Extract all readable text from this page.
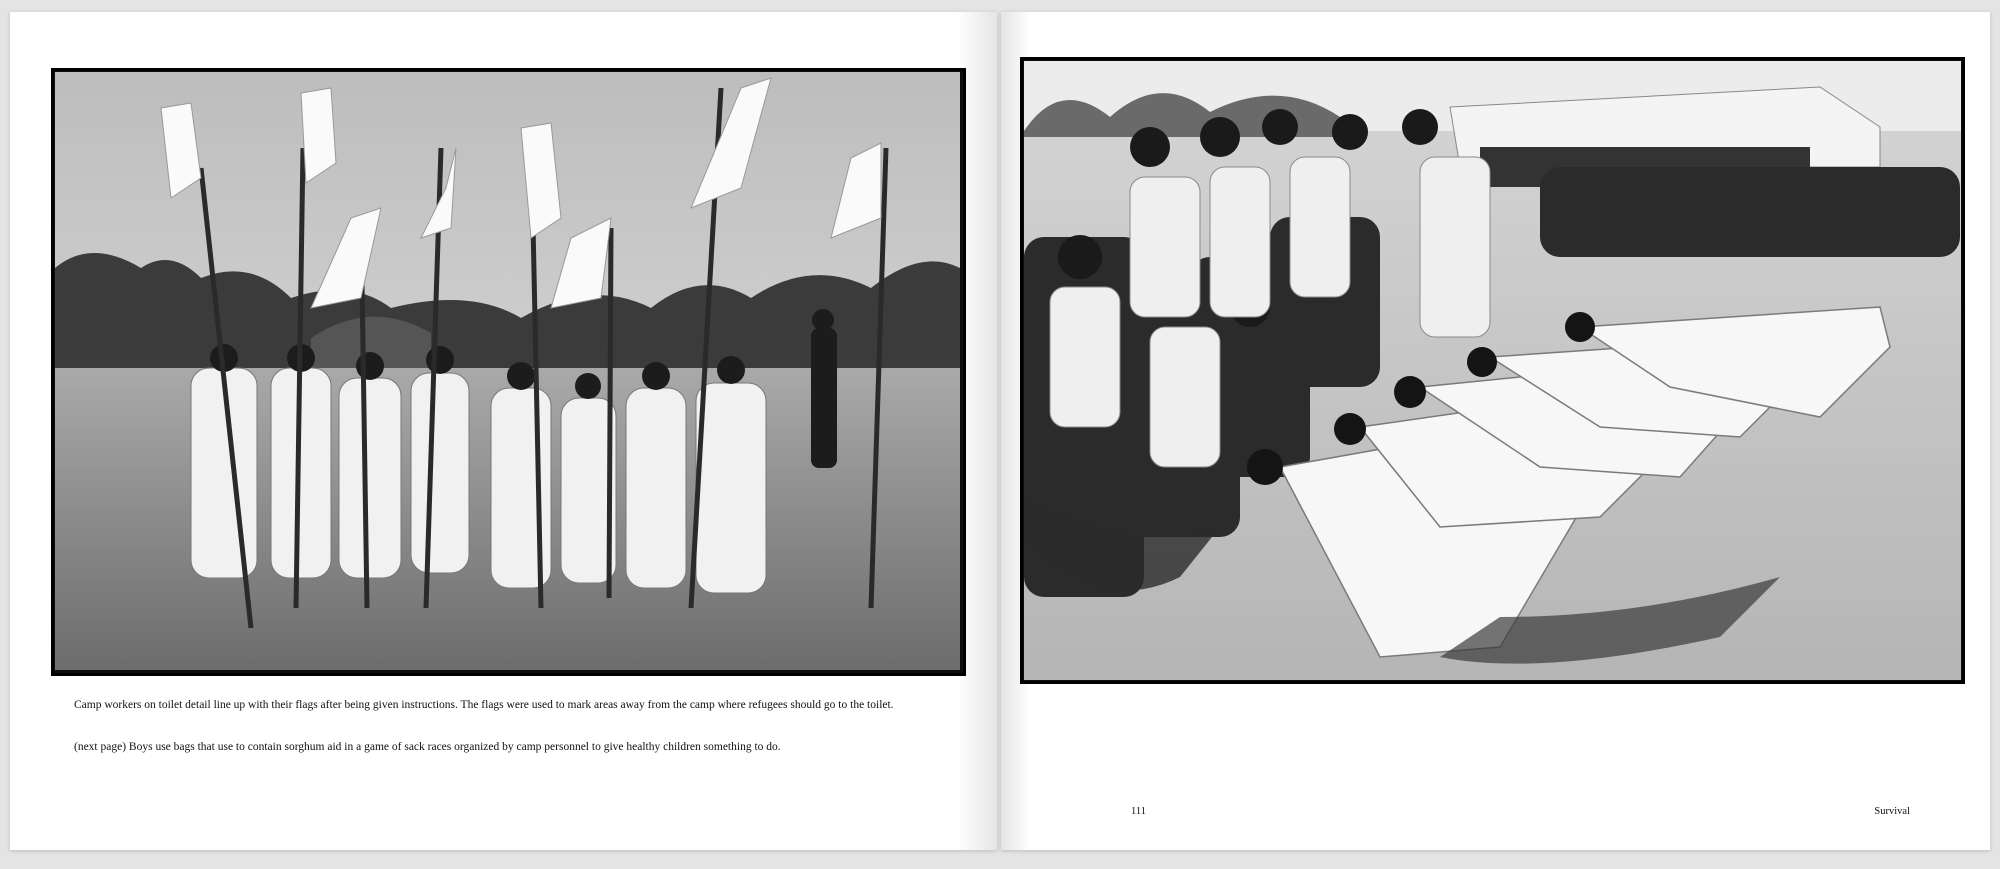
Camp workers on toilet detail line up with their flags after being given instructions. The flags were used to mark areas away from the camp where refugees should go to the toilet.
(next page) Boys use bags that use to contain sorghum aid in a game of sack races organized by camp personnel to give healthy children something to do.
111	Survival
